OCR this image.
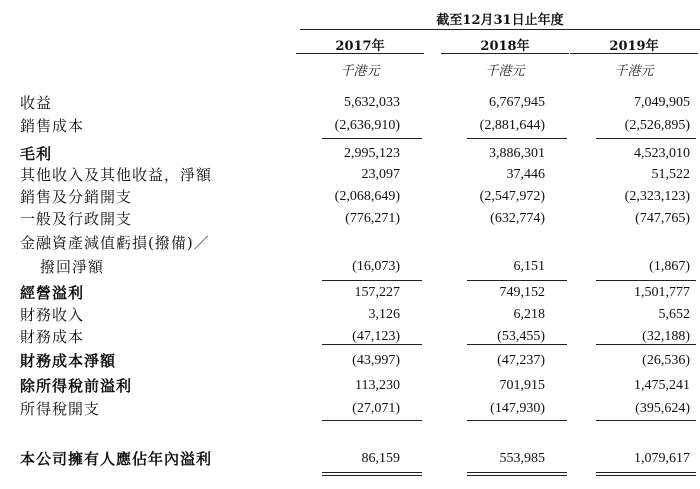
截至12月31日止年度
2017年	2018年	2019年
千港元	千港元	千港元
收益	5,632,033	6,767,945	7,049,905
銷售成本	(2,636,910)	(2,881,644)	(2,526,895)
毛利	2,995,123	3,886,301	4,523,010
其他收入及其他收益，淨額	23,097	37,446	51,522
銷售及分銷開支	(2,068,649)	(2,547,972)	(2,323,123)
一般及行政開支	(776,271)	(632,774)	(747,765)
金融資產減值虧損(撥備)／
撥回淨額	(16,073)	6,151	(1,867)
經營溢利	157,227	749,152	1,501,777
財務收入	3,126	6,218	5,652
財務成本	(47,123)	(53,455)	(32,188)
財務成本淨額	(43,997)	(47,237)	(26,536)
除所得稅前溢利	113,230	701,915	1,475,241
所得稅開支	(27,071)	(147,930)	(395,624)
本公司擁有人應佔年內溢利	86,159	553,985	1,079,617
